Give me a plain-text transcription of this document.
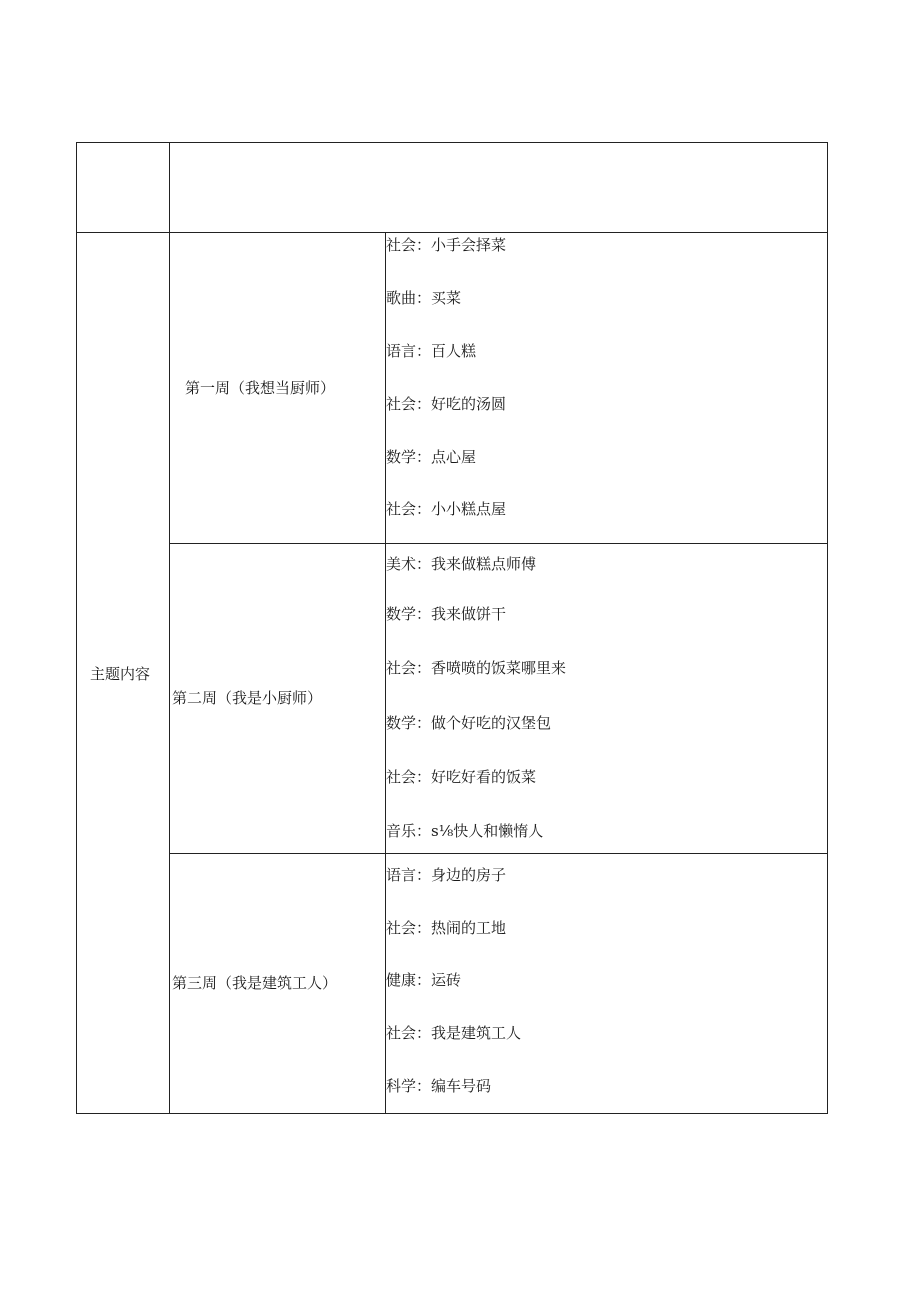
主题内容
第一周（我想当厨师）
第二周（我是小厨师）
第三周（我是建筑工人）
社会：小手会择菜
歌曲：买菜
语言：百人糕
社会：好吃的汤圆
数学：点心屋
社会：小小糕点屋
美术：我来做糕点师傅
数学：我来做饼干
社会：香喷喷的饭菜哪里来
数学：做个好吃的汉堡包
社会：好吃好看的饭菜
音乐：s⅛快人和懒惰人
语言：身边的房子
社会：热闹的工地
健康：运砖
社会：我是建筑工人
科学：编车号码
